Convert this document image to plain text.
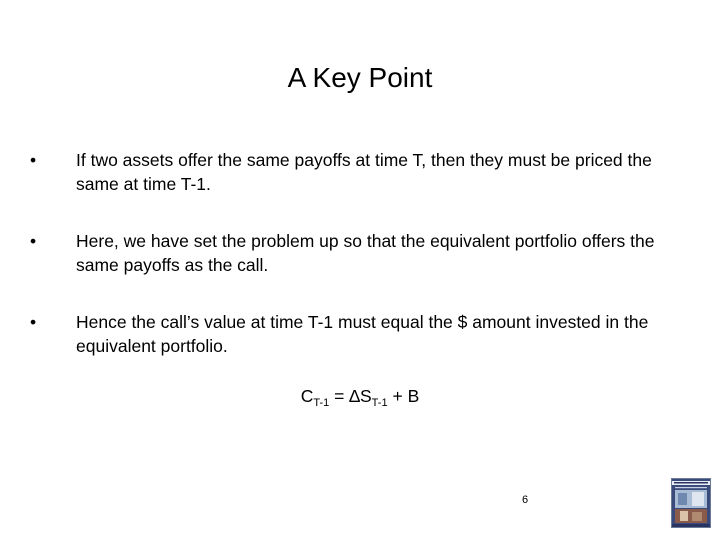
A Key Point
•	If two assets offer the same payoffs at time T, then they must be priced the same at time T-1.
•	Here, we have set the problem up so that the equivalent portfolio offers the same payoffs as the call.
•	Hence the call’s value at time T-1 must equal the $ amount invested in the equivalent portfolio.
$C_{T-1} = \Delta S_{T-1} + B$
6
